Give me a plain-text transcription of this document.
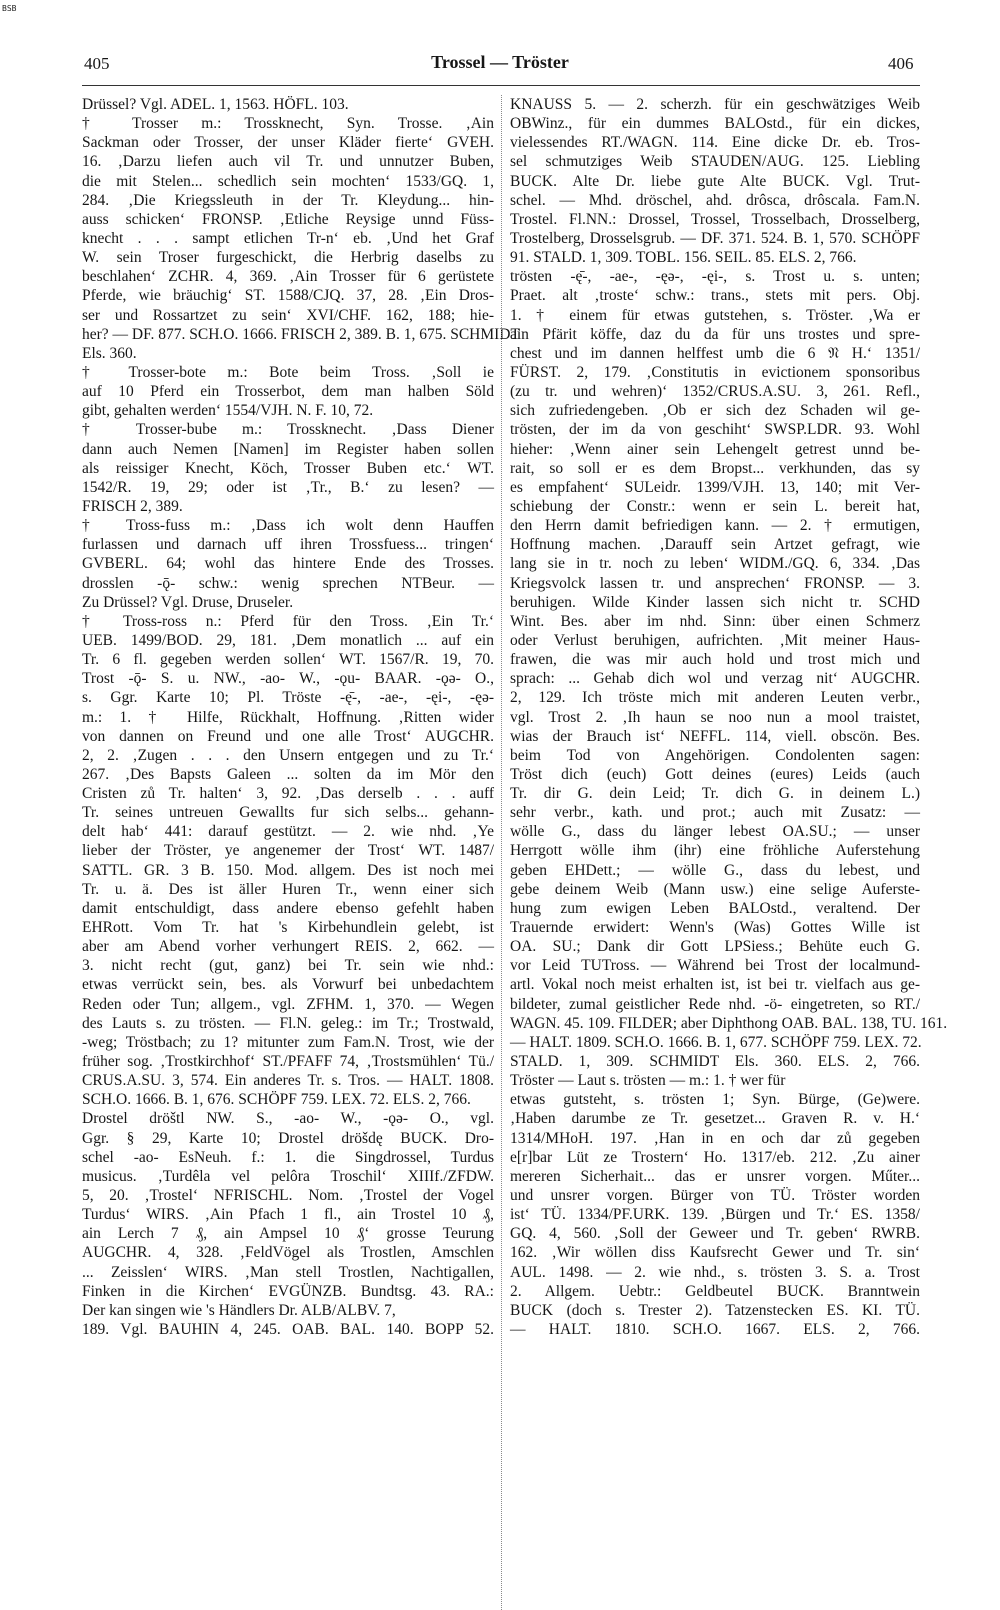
BSB
405	Trossel — Tröster	406

Drüssel? Vgl. ADEL. 1, 1563. HÖFL. 103.

† Trosser m.: Trossknecht, Syn. Trosse. ‚Ain

Sackman oder Trosser, der unser Kläder fierte‘ GVEH.

16. ‚Darzu liefen auch vil Tr. und unnutzer Buben,

die mit Stelen... schedlich sein mochten‘ 1533/GQ. 1,

284. ‚Die Kriegssleuth in der Tr. Kleydung... hin-

auss schicken‘ FRONSP. ‚Etliche Reysige unnd Füss-

knecht . . . sampt etlichen Tr-n‘ eb. ‚Und het Graf

W. sein Troser furgeschickt, die Herbrig daselbs zu

beschlahen‘ ZCHR. 4, 369. ‚Ain Trosser für 6 gerüstete

Pferde, wie bräuchig‘ ST. 1588/CJQ. 37, 28. ‚Ein Dros-

ser und Rossartzet zu sein‘ XVI/CHF. 162, 188; hie-

her? — DF. 877. SCH.O. 1666. FRISCH 2, 389. B. 1, 675. SCHMIDT

Els. 360.

† Trosser-bote m.: Bote beim Tross. ‚Soll ie

auf 10 Pferd ein Trosserbot, dem man halben Söld

gibt, gehalten werden‘ 1554/VJH. N. F. 10, 72.

† Trosser-bube m.: Trossknecht. ‚Dass Diener

dann auch Nemen [Namen] im Register haben sollen

als reissiger Knecht, Köch, Trosser Buben etc.‘ WT.

1542/R. 19, 29; oder ist ‚Tr., B.‘ zu lesen? —

FRISCH 2, 389.

† Tross-fuss m.: ‚Dass ich wolt denn Hauffen

furlassen und darnach uff ihren Trossfuess... tringen‘

GVBERL. 64; wohl das hintere Ende des Trosses.

drosslen -ǭ- schw.: wenig sprechen NTBeur. —

Zu Drüssel? Vgl. Druse, Druseler.

† Tross-ross n.: Pferd für den Tross. ‚Ein Tr.‘

UEB. 1499/BOD. 29, 181. ‚Dem monatlich ... auf ein

Tr. 6 fl. gegeben werden sollen‘ WT. 1567/R. 19, 70.

Trost -ǭ- S. u. NW., -ao- W., -ǫu- BAAR. -ǫə- O.,

s. Ggr. Karte 10; Pl. Tröste -ę̄-, -ae-, -ęi-, -ęə-

m.: 1. † Hilfe, Rückhalt, Hoffnung. ‚Ritten wider

von dannen on Freund und one alle Trost‘ AUGCHR.

2, 2. ‚Zugen . . . den Unsern entgegen und zu Tr.‘

267. ‚Des Bapsts Galeen ... solten da im Mör den

Cristen zů Tr. halten‘ 3, 92. ‚Das derselb . . . auff

Tr. seines untreuen Gewallts fur sich selbs... gehann-

delt hab‘ 441: darauf gestützt. — 2. wie nhd. ‚Ye

lieber der Tröster, ye angenemer der Trost‘ WT. 1487/

SATTL. GR. 3 B. 150. Mod. allgem. Des ist noch mei

Tr. u. ä. Des ist äller Huren Tr., wenn einer sich

damit entschuldigt, dass andere ebenso gefehlt haben

EHRott. Vom Tr. hat 's Kirbehundlein gelebt, ist

aber am Abend vorher verhungert REIS. 2, 662. —

3. nicht recht (gut, ganz) bei Tr. sein wie nhd.:

etwas verrückt sein, bes. als Vorwurf bei unbedachtem

Reden oder Tun; allgem., vgl. ZFHM. 1, 370. — Wegen

des Lauts s. zu trösten. — Fl.N. geleg.: im Tr.; Trostwald,

-weg; Tröstbach; zu 1? mitunter zum Fam.N. Trost, wie der

früher sog. ‚Trostkirchhof‘ ST./PFAFF 74, ‚Trostsmühlen‘ Tü./

CRUS.A.SU. 3, 574. Ein anderes Tr. s. Tros. — HALT. 1808.

SCH.O. 1666. B. 1, 676. SCHÖPF 759. LEX. 72. ELS. 2, 766.

Drostel dröštl NW. S., -ao- W., -ǫə- O., vgl.

Ggr. § 29, Karte 10; Drostel dröšdę BUCK. Dro-

schel -ao- EsNeuh. f.: 1. die Singdrossel, Turdus

musicus. ‚Turdêla vel pelôra Troschil‘ XIIIf./ZFDW.

5, 20. ‚Trostel‘ NFRISCHL. Nom. ‚Trostel der Vogel

Turdus‘ WIRS. ‚Ain Pfach 1 fl., ain Trostel 10 ₰,

ain Lerch 7 ₰, ain Ampsel 10 ₰‘ grosse Teurung

AUGCHR. 4, 328. ‚FeldVögel als Trostlen, Amschlen

... Zeisslen‘ WIRS. ‚Man stell Trostlen, Nachtigallen,

Finken in die Kirchen‘ EVGÜNZB. Bundtsg. 43. RA.:

Der kan singen wie 's Händlers Dr. ALB/ALBV. 7,

189. Vgl. BAUHIN 4, 245. OAB. BAL. 140. BOPP 52.

KNAUSS 5. — 2. scherzh. für ein geschwätziges Weib

OBWinz., für ein dummes BALOstd., für ein dickes,

vielessendes RT./WAGN. 114. Eine dicke Dr. eb. Tros-

sel schmutziges Weib STAUDEN/AUG. 125. Liebling

BUCK. Alte Dr. liebe gute Alte BUCK. Vgl. Trut-

schel. — Mhd. dröschel, ahd. drôsca, drôscala. Fam.N.

Trostel. Fl.NN.: Drossel, Trossel, Trosselbach, Drosselberg,

Trostelberg, Drosselsgrub. — DF. 371. 524. B. 1, 570. SCHÖPF

91. STALD. 1, 309. TOBL. 156. SEIL. 85. ELS. 2, 766.

trösten -ę̄-, -ae-, -ęə-, -ęi-, s. Trost u. s. unten;

Praet. alt ‚troste‘ schw.: trans., stets mit pers. Obj.

1. † einem für etwas gutstehen, s. Tröster. ‚Wa er

ain Pfärit köffe, daz du da für uns trostes und spre-

chest und im dannen helffest umb die 6 𝔑 H.‘ 1351/

FÜRST. 2, 179. ‚Constitutis in evictionem sponsoribus

(zu tr. und wehren)‘ 1352/CRUS.A.SU. 3, 261. Refl.,

sich zufriedengeben. ‚Ob er sich dez Schaden wil ge-

trösten, der im da von geschiht‘ SWSP.LDR. 93. Wohl

hieher: ‚Wenn ainer sein Lehengelt getrest unnd be-

rait, so soll er es dem Bropst... verkhunden, das sy

es empfahent‘ SULeidr. 1399/VJH. 13, 140; mit Ver-

schiebung der Constr.: wenn er sein L. bereit hat,

den Herrn damit befriedigen kann. — 2. † ermutigen,

Hoffnung machen. ‚Darauff sein Artzet gefragt, wie

lang sie in tr. noch zu leben‘ WIDM./GQ. 6, 334. ‚Das

Kriegsvolck lassen tr. und ansprechen‘ FRONSP. — 3.

beruhigen. Wilde Kinder lassen sich nicht tr. SCHD

Wint. Bes. aber im nhd. Sinn: über einen Schmerz

oder Verlust beruhigen, aufrichten. ‚Mit meiner Haus-

frawen, die was mir auch hold und trost mich und

sprach: ... Gehab dich wol und verzag nit‘ AUGCHR.

2, 129. Ich tröste mich mit anderen Leuten verbr.,

vgl. Trost 2. ‚Ih haun se noo nun a mool traistet,

wias der Brauch ist‘ NEFFL. 114, viell. obscön. Bes.

beim Tod von Angehörigen. Condolenten sagen:

Tröst dich (euch) Gott deines (eures) Leids (auch

Tr. dir G. dein Leid; Tr. dich G. in deinem L.)

sehr verbr., kath. und prot.; auch mit Zusatz: —

wölle G., dass du länger lebest OA.SU.; — unser

Herrgott wölle ihm (ihr) eine fröhliche Auferstehung

geben EHDett.; — wölle G., dass du lebest, und

gebe deinem Weib (Mann usw.) eine selige Auferste-

hung zum ewigen Leben BALOstd., veraltend. Der

Trauernde erwidert: Wenn's (Was) Gottes Wille ist

OA. SU.; Dank dir Gott LPSiess.; Behüte euch G.

vor Leid TUTross. — Während bei Trost der localmund-

artl. Vokal noch meist erhalten ist, ist bei tr. vielfach aus ge-

bildeter, zumal geistlicher Rede nhd. -ö- eingetreten, so RT./

WAGN. 45. 109. FILDER; aber Diphthong OAB. BAL. 138, TU. 161.

— HALT. 1809. SCH.O. 1666. B. 1, 677. SCHÖPF 759. LEX. 72.

STALD. 1, 309. SCHMIDT Els. 360. ELS. 2, 766.

Tröster — Laut s. trösten — m.: 1. † wer für

etwas gutsteht, s. trösten 1; Syn. Bürge, (Ge)were.

‚Haben darumbe ze Tr. gesetzet... Graven R. v. H.‘

1314/MHoH. 197. ‚Han in en och dar zů gegeben

e[r]bar Lüt ze Trostern‘ Ho. 1317/eb. 212. ‚Zu ainer

mereren Sicherhait... das er unsrer vorgen. Műter...

und unsrer vorgen. Bürger von TÜ. Tröster worden

ist‘ TÜ. 1334/PF.URK. 139. ‚Bürgen und Tr.‘ ES. 1358/

GQ. 4, 560. ‚Soll der Geweer und Tr. geben‘ RWRB.

162. ‚Wir wöllen diss Kaufsrecht Gewer und Tr. sin‘

AUL. 1498. — 2. wie nhd., s. trösten 3. S. a. Trost

2. Allgem. Uebtr.: Geldbeutel BUCK. Branntwein

BUCK (doch s. Trester 2). Tatzenstecken ES. KI. TÜ.

— HALT. 1810. SCH.O. 1667. ELS. 2, 766.
